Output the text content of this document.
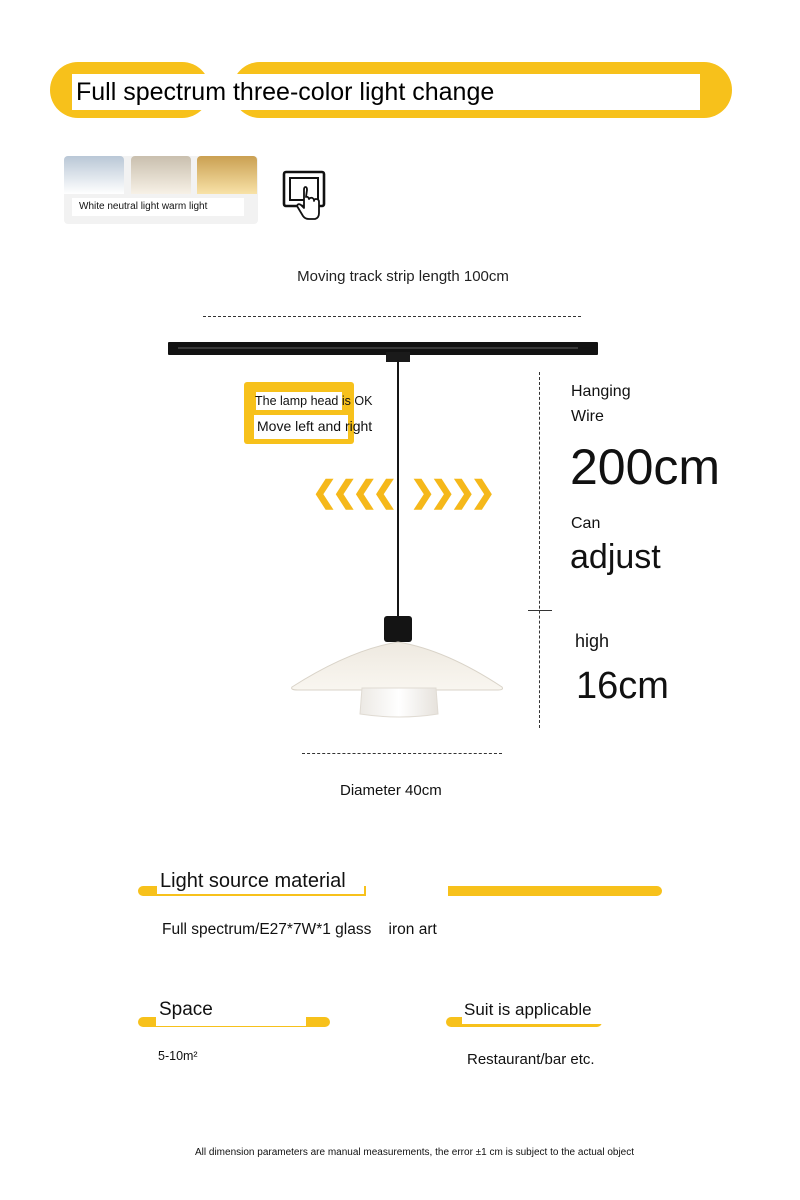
Full spectrum three-color light change
White neutral light warm light
Moving track strip length 100cm
The lamp head is OK
Move left and right
❮❮❮❮ ❯❯❯❯
Hanging
Wire
200cm
Can
adjust
high
16cm
Diameter 40cm
Light source material
Full spectrum/E27*7W*1 glass    iron art
Space
5-10m²
Suit is applicable
Restaurant/bar etc.
All dimension parameters are manual measurements, the error ±1 cm is subject to the actual object
